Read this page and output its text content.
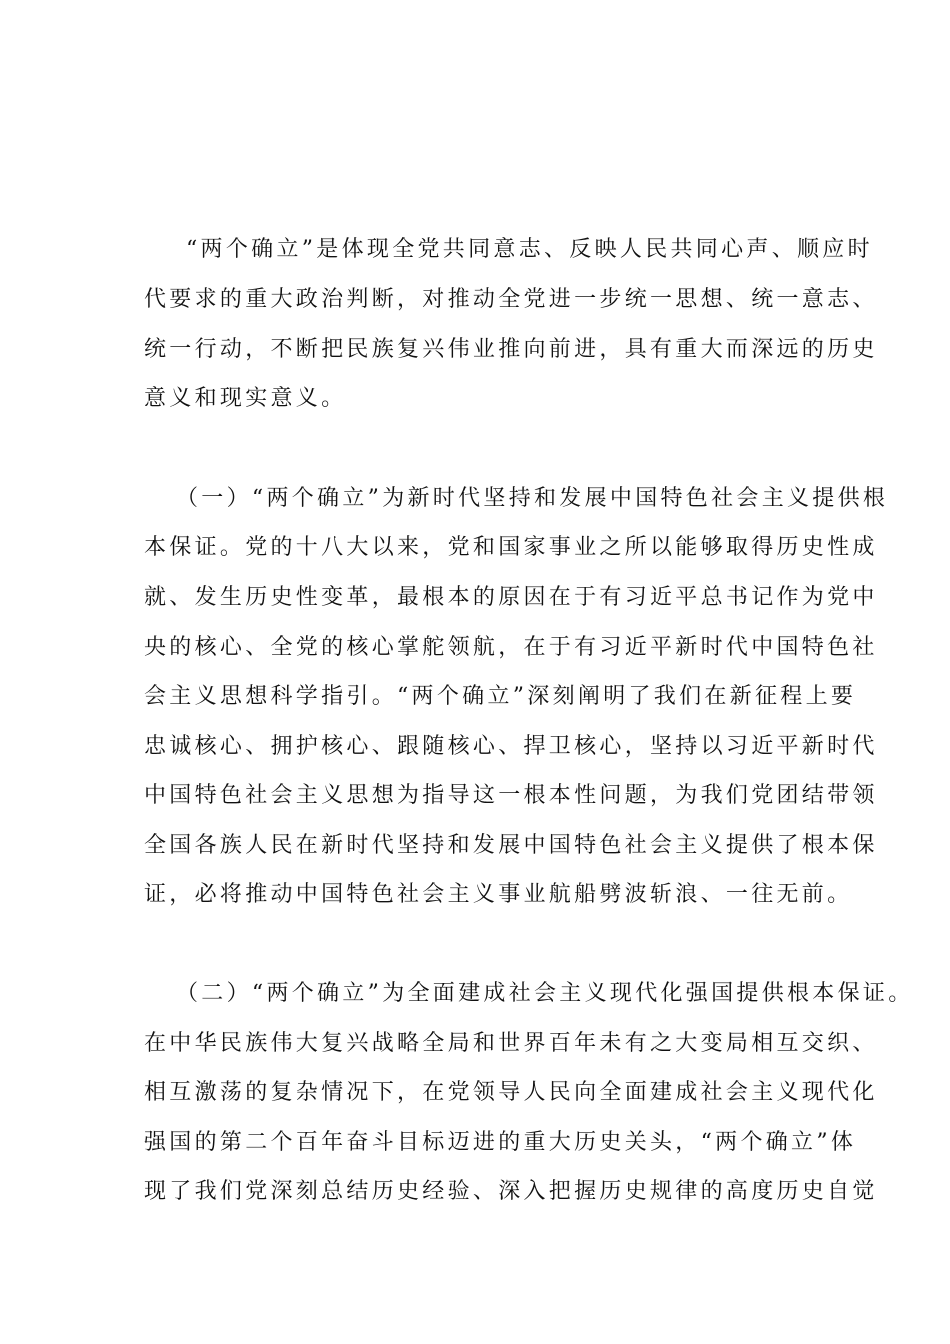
“两个确立”是体现全党共同意志、反映人民共同心声、顺应时
代要求的重大政治判断，对推动全党进一步统一思想、统一意志、
统一行动，不断把民族复兴伟业推向前进，具有重大而深远的历史
意义和现实意义。
（一）“两个确立”为新时代坚持和发展中国特色社会主义提供根
本保证。党的十八大以来，党和国家事业之所以能够取得历史性成
就、发生历史性变革，最根本的原因在于有习近平总书记作为党中
央的核心、全党的核心掌舵领航，在于有习近平新时代中国特色社
会主义思想科学指引。“两个确立”深刻阐明了我们在新征程上要
忠诚核心、拥护核心、跟随核心、捍卫核心，坚持以习近平新时代
中国特色社会主义思想为指导这一根本性问题，为我们党团结带领
全国各族人民在新时代坚持和发展中国特色社会主义提供了根本保
证，必将推动中国特色社会主义事业航船劈波斩浪、一往无前。
（二）“两个确立”为全面建成社会主义现代化强国提供根本保证。
在中华民族伟大复兴战略全局和世界百年未有之大变局相互交织、
相互激荡的复杂情况下，在党领导人民向全面建成社会主义现代化
强国的第二个百年奋斗目标迈进的重大历史关头，“两个确立”体
现了我们党深刻总结历史经验、深入把握历史规律的高度历史自觉
